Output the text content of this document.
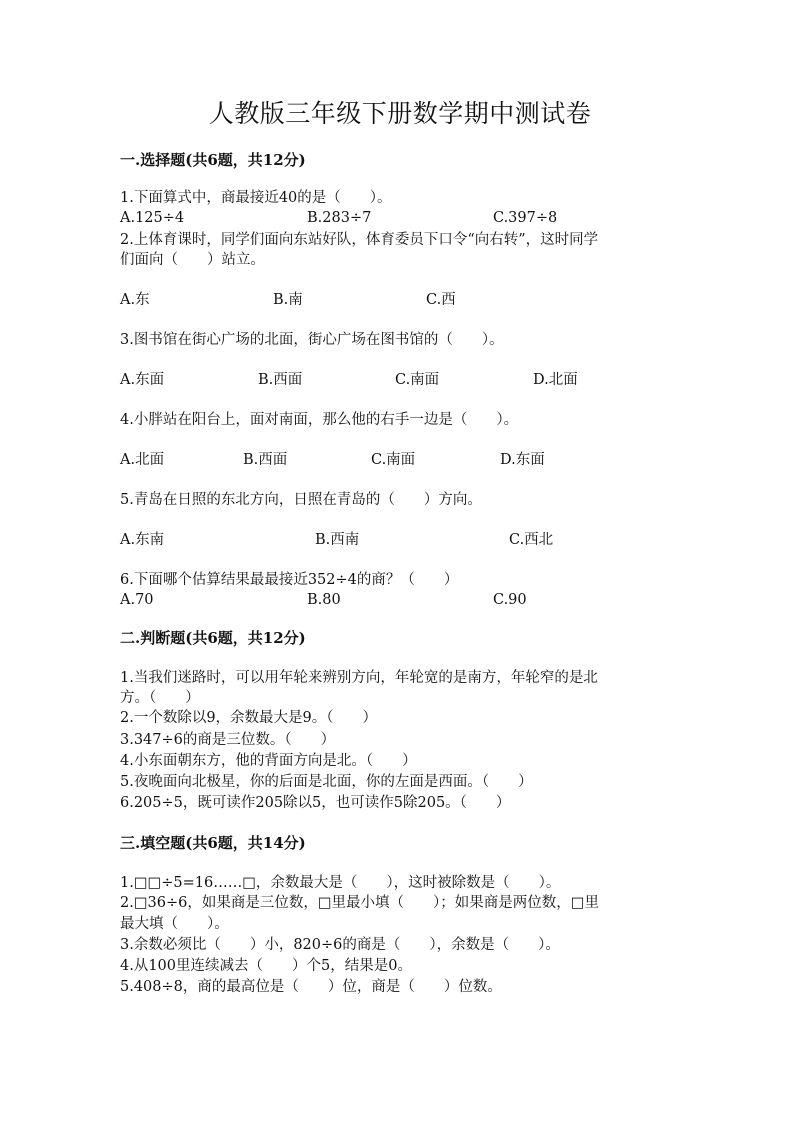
人教版三年级下册数学期中测试卷
一.选择题(共6题，共12分)
1.下面算式中，商最接近40的是（　　）。
A.125÷4	B.283÷7	C.397÷8
2.上体育课时，同学们面向东站好队，体育委员下口令“向右转”，这时同学
们面向（　　）站立。
A.东	B.南	C.西
3.图书馆在街心广场的北面，街心广场在图书馆的（　　）。
A.东面	B.西面	C.南面	D.北面
4.小胖站在阳台上，面对南面，那么他的右手一边是（　　）。
A.北面	B.西面	C.南面	D.东面
5.青岛在日照的东北方向，日照在青岛的（　　）方向。
A.东南	B.西南	C.西北
6.下面哪个估算结果最最接近352÷4的商？（　　）
A.70	B.80	C.90
二.判断题(共6题，共12分)
1.当我们迷路时，可以用年轮来辨别方向，年轮宽的是南方，年轮窄的是北
方。（　　）
2.一个数除以9，余数最大是9。（　　）
3.347÷6的商是三位数。（　　）
4.小东面朝东方，他的背面方向是北。（　　）
5.夜晚面向北极星，你的后面是北面，你的左面是西面。（　　）
6.205÷5，既可读作205除以5，也可读作5除205。（　　）
三.填空题(共6题，共14分)
1.□□÷5=16……□，余数最大是（　　），这时被除数是（　　）。
2.□36÷6，如果商是三位数，□里最小填（　　）；如果商是两位数，□里
最大填（　　）。
3.余数必须比（　　）小，820÷6的商是（　　），余数是（　　）。
4.从100里连续减去（　　）个5，结果是0。
5.408÷8，商的最高位是（　　）位，商是（　　）位数。
